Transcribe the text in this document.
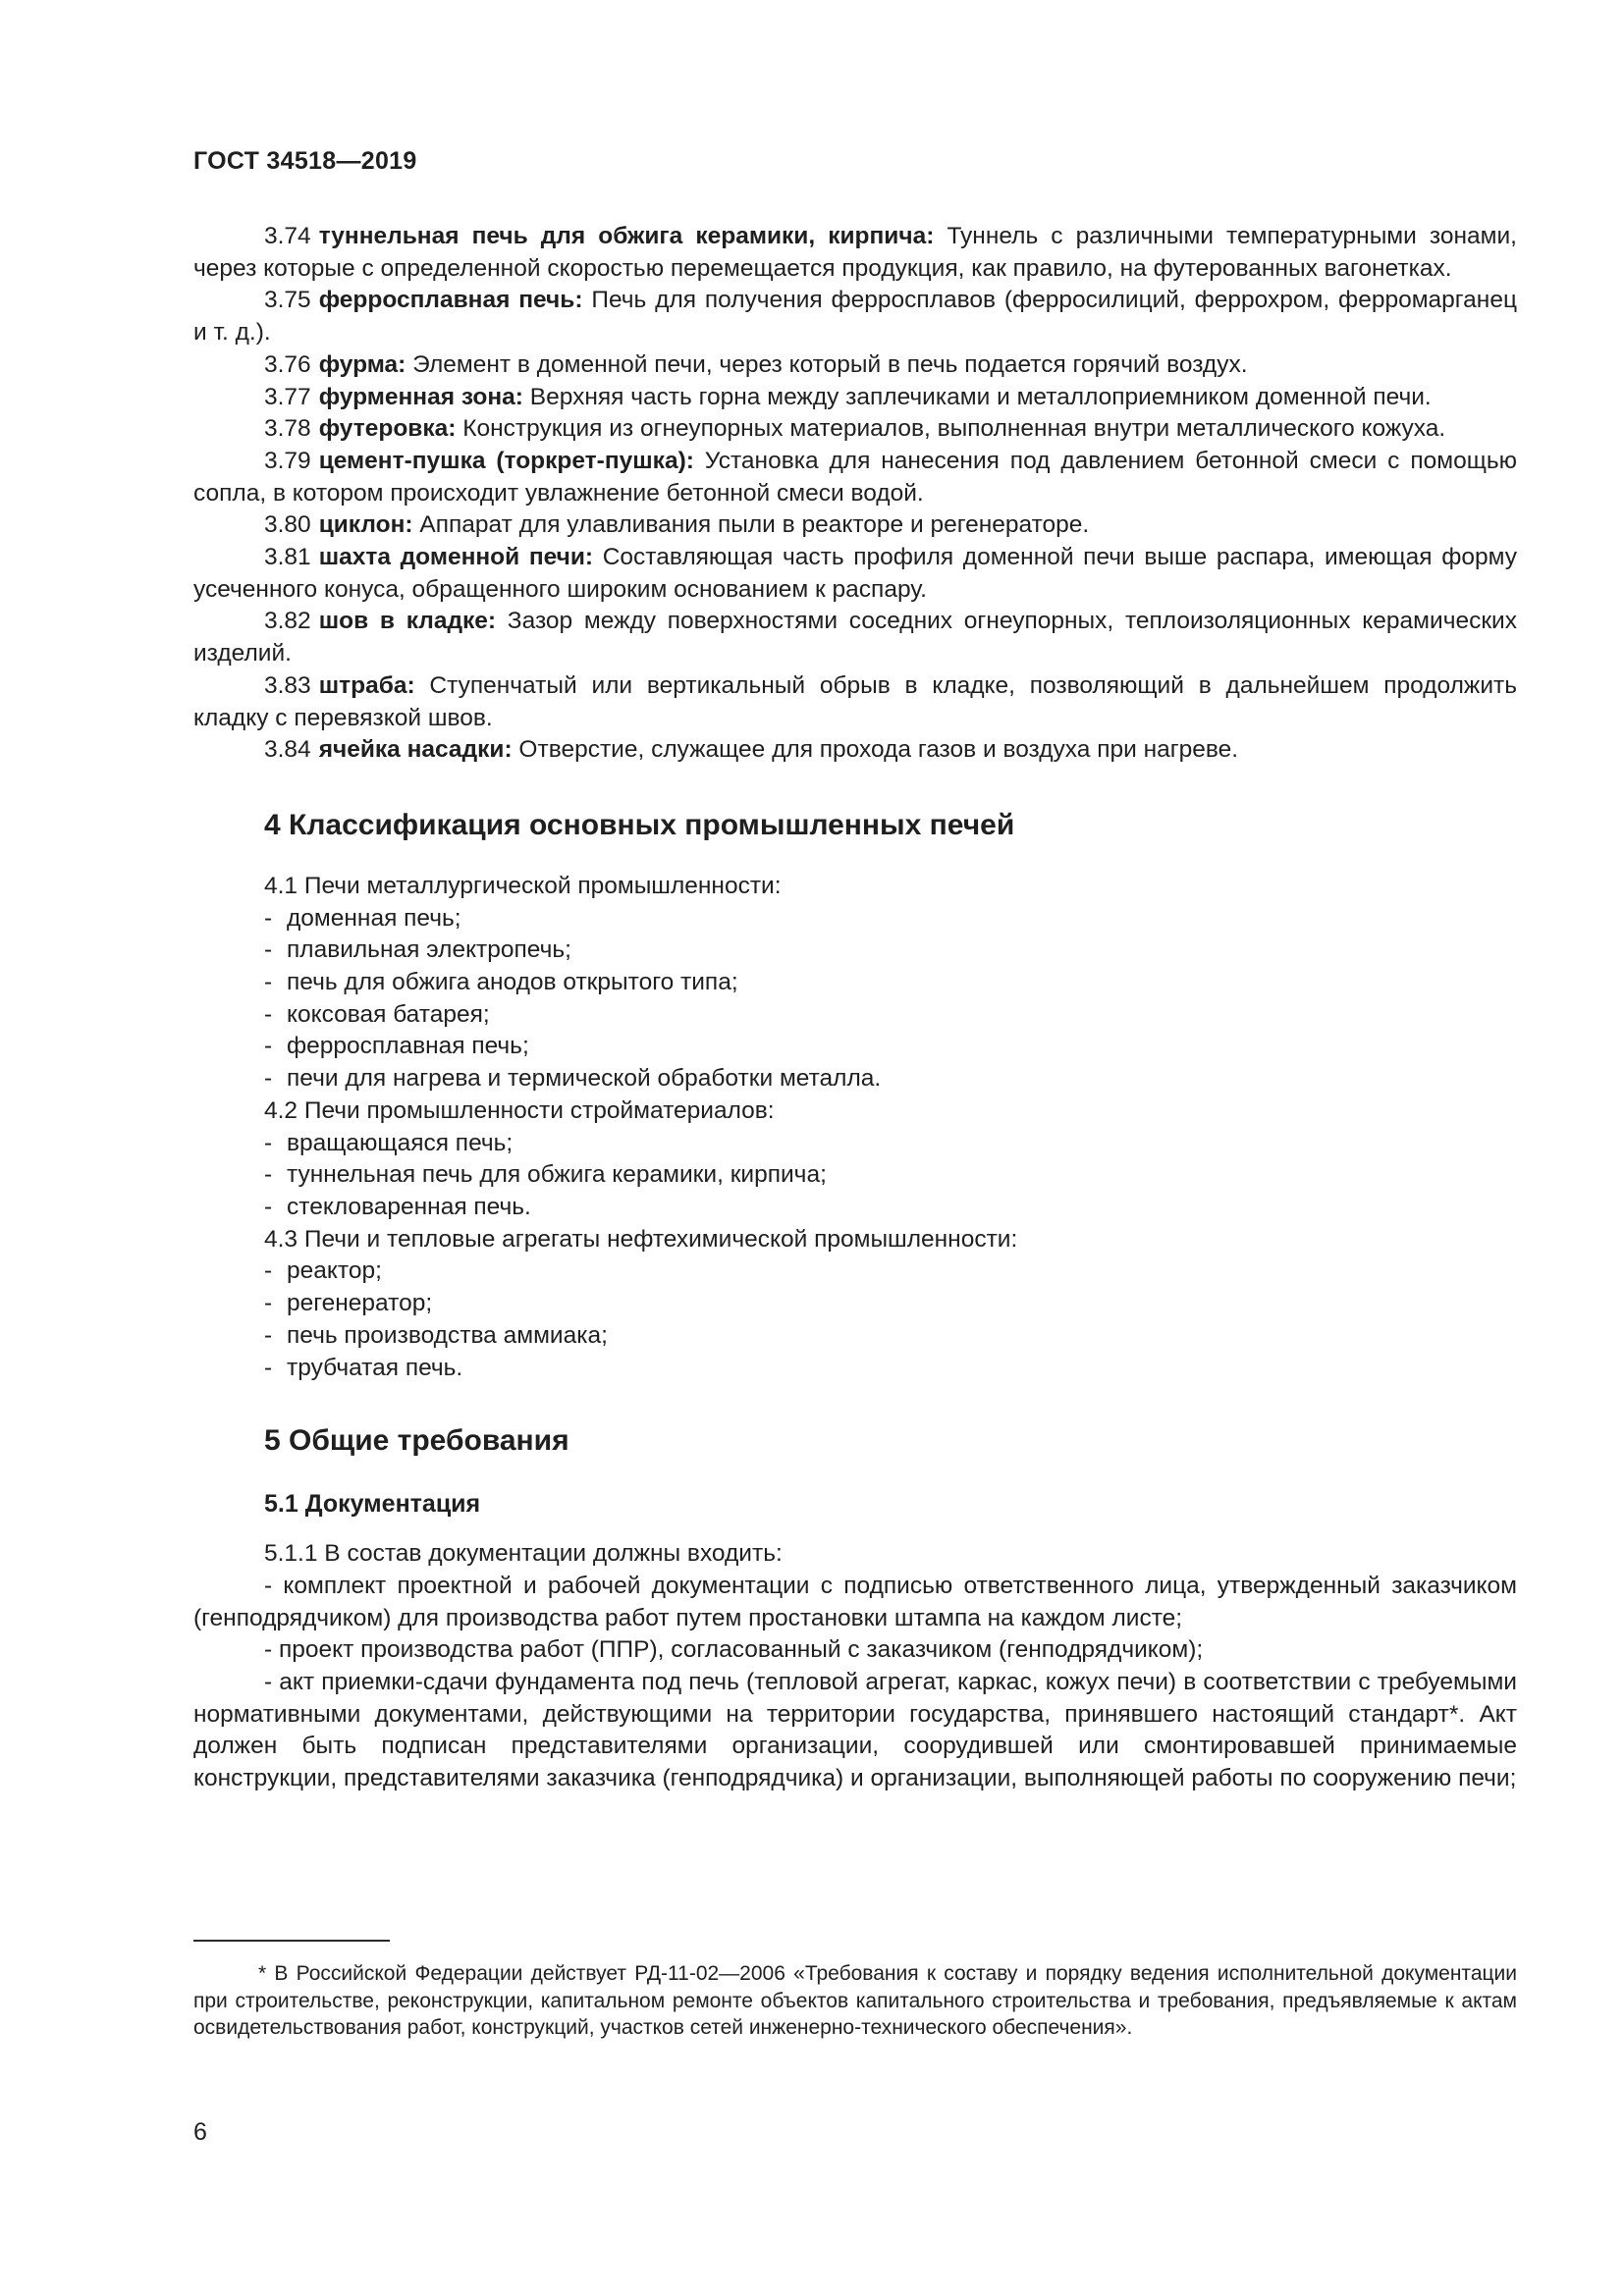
ГОСТ 34518—2019

3.74 туннельная печь для обжига керамики, кирпича: Туннель с различными температурными зонами, через которые с определенной скоростью перемещается продукция, как правило, на футерованных вагонетках.

3.75 ферросплавная печь: Печь для получения ферросплавов (ферросилиций, феррохром, ферромарганец и т. д.).

3.76 фурма: Элемент в доменной печи, через который в печь подается горячий воздух.

3.77 фурменная зона: Верхняя часть горна между заплечиками и металлоприемником доменной печи.

3.78 футеровка: Конструкция из огнеупорных материалов, выполненная внутри металлического кожуха.

3.79 цемент-пушка (торкрет-пушка): Установка для нанесения под давлением бетонной смеси с помощью сопла, в котором происходит увлажнение бетонной смеси водой.

3.80 циклон: Аппарат для улавливания пыли в реакторе и регенераторе.

3.81 шахта доменной печи: Составляющая часть профиля доменной печи выше распара, имеющая форму усеченного конуса, обращенного широким основанием к распару.

3.82 шов в кладке: Зазор между поверхностями соседних огнеупорных, теплоизоляционных керамических изделий.

3.83 штраба: Ступенчатый или вертикальный обрыв в кладке, позволяющий в дальнейшем продолжить кладку с перевязкой швов.

3.84 ячейка насадки: Отверстие, служащее для прохода газов и воздуха при нагреве.

4 Классификация основных промышленных печей
4.1 Печи металлургической промышленности:
- доменная печь;
- плавильная электропечь;
- печь для обжига анодов открытого типа;
- коксовая батарея;
- ферросплавная печь;
- печи для нагрева и термической обработки металла.
4.2 Печи промышленности стройматериалов:
- вращающаяся печь;
- туннельная печь для обжига керамики, кирпича;
- стекловаренная печь.
4.3 Печи и тепловые агрегаты нефтехимической промышленности:
- реактор;
- регенератор;
- печь производства аммиака;
- трубчатая печь.
5 Общие требования
5.1 Документация

5.1.1 В состав документации должны входить:

- комплект проектной и рабочей документации с подписью ответственного лица, утвержденный заказчиком (генподрядчиком) для производства работ путем простановки штампа на каждом листе;

- проект производства работ (ППР), согласованный с заказчиком (генподрядчиком);

- акт приемки-сдачи фундамента под печь (тепловой агрегат, каркас, кожух печи) в соответствии с требуемыми нормативными документами, действующими на территории государства, принявшего настоящий стандарт*. Акт должен быть подписан представителями организации, соорудившей или смонтировавшей принимаемые конструкции, представителями заказчика (генподрядчика) и организации, выполняющей работы по сооружению печи;

* В Российской Федерации действует РД-11-02—2006 «Требования к составу и порядку ведения исполнительной документации при строительстве, реконструкции, капитальном ремонте объектов капитального строительства и требования, предъявляемые к актам освидетельствования работ, конструкций, участков сетей инженерно-технического обеспечения».
6
